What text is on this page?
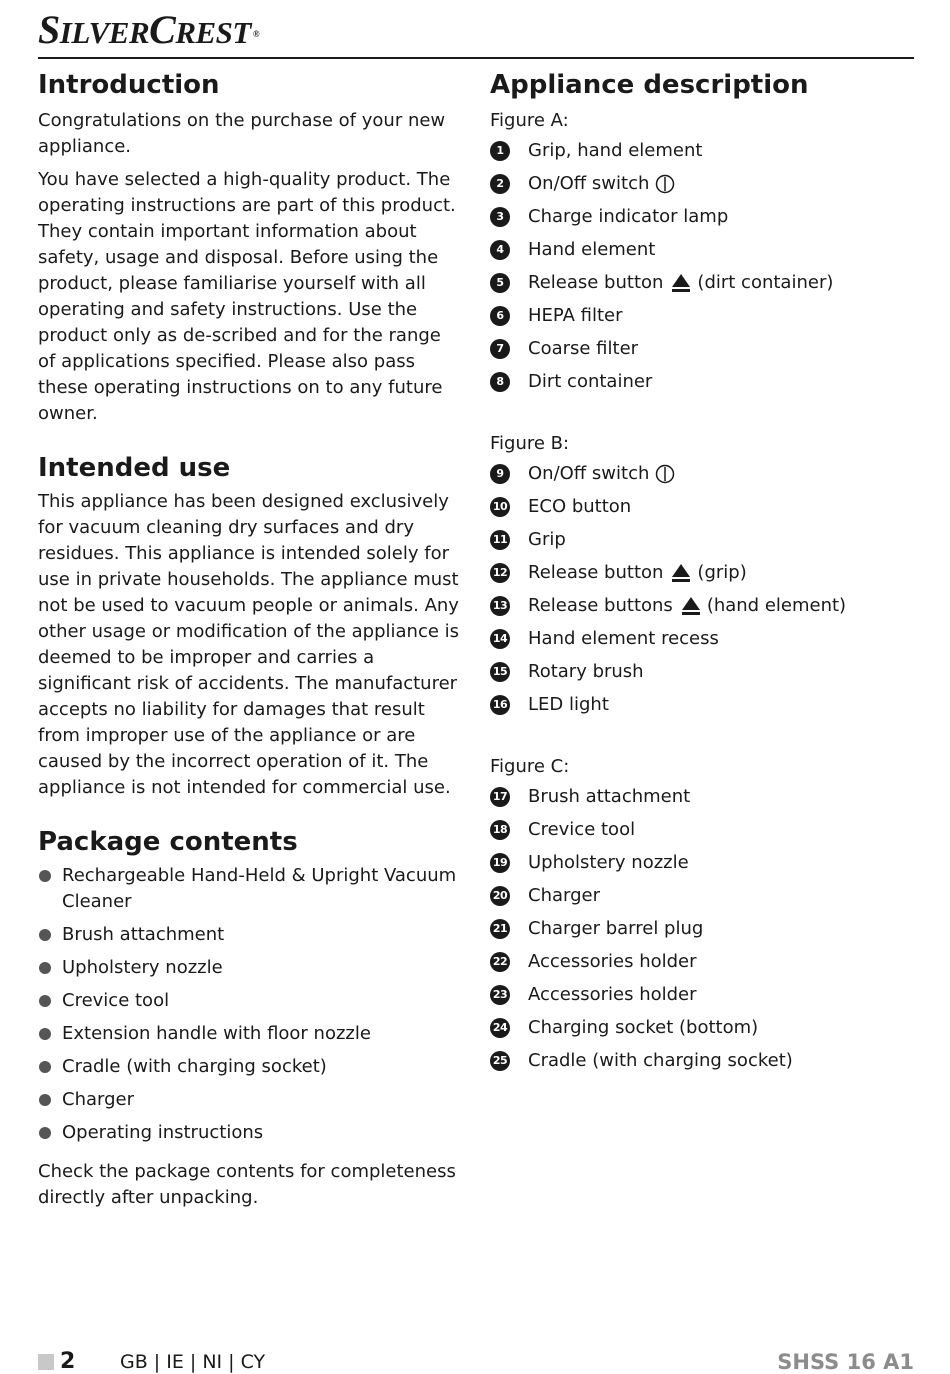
SILVERCREST ®
Introduction

Congratulations on the purchase of your new appliance.

You have selected a high-quality product. The operating instructions are part of this product. They contain important information about safety, usage and disposal. Before using the product, please familiarise yourself with all operating and safety instructions. Use the product only as de-scribed and for the range of applications specified. Please also pass these operating instructions on to any future owner.

Intended use

This appliance has been designed exclusively for vacuum cleaning dry surfaces and dry residues. This appliance is intended solely for use in private households. The appliance must not be used to vacuum people or animals. Any other usage or modification of the appliance is deemed to be improper and carries a significant risk of accidents. The manufacturer accepts no liability for damages that result from improper use of the appliance or are caused by the incorrect operation of it. The appliance is not intended for commercial use.

Package contents
Rechargeable Hand-Held & Upright Vacuum Cleaner
Brush attachment
Upholstery nozzle
Crevice tool
Extension handle with floor nozzle
Cradle (with charging socket)
Charger
Operating instructions

Check the package contents for completeness directly after unpacking.

Appliance description
Figure A:
1	Grip, hand element
2	On/Off switch
3	Charge indicator lamp
4	Hand element
5	Release button (dirt container)
6	HEPA filter
7	Coarse filter
8	Dirt container
Figure B:
9	On/Off switch
10 ECO button
11 Grip
12 Release button (grip)
13 Release buttons (hand element)
14 Hand element recess
15 Rotary brush
16 LED light
Figure C:
17 Brush attachment
18 Crevice tool
19 Upholstery nozzle
20 Charger
21 Charger barrel plug
22 Accessories holder
23 Accessories holder
24 Charging socket (bottom)
25 Cradle (with charging socket)
2 GB | IE | NI | CY	SHSS 16 A1
